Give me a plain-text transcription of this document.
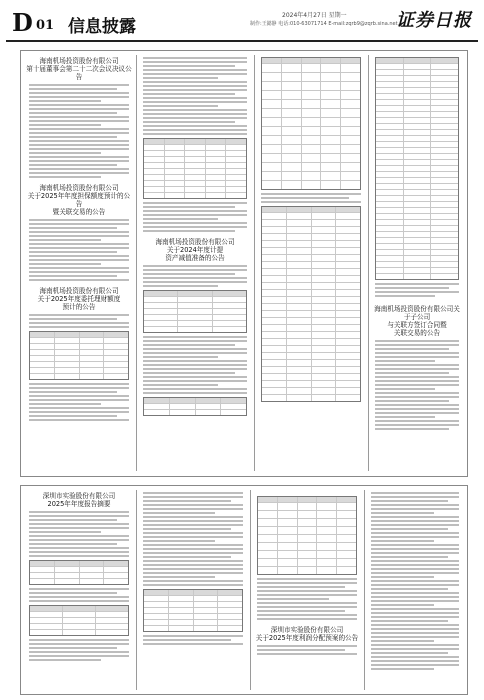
D 01 信息披露
2024年4月27日 星期一
制作:王懿静 电话:010-63071714 E-mail:zqrb9@zqrb.sina.net
证券日报
海南机场投资股份有限公司
第十届董事会第二十二次会议决议公告
海南机场投资股份有限公司
关于2025年年度担保额度预计的公告
暨关联交易的公告
海南机场投资股份有限公司
关于2025年度委托理财额度
预计的公告
海南机场投资股份有限公司
关于2024年度计提
资产减值准备的公告
海南机场投资股份有限公司关于子公司
与关联方签订合同暨
关联交易的公告
深圳市实验股份有限公司
2025年年度报告摘要
深圳市实验股份有限公司
关于2025年度利润分配预案的公告
